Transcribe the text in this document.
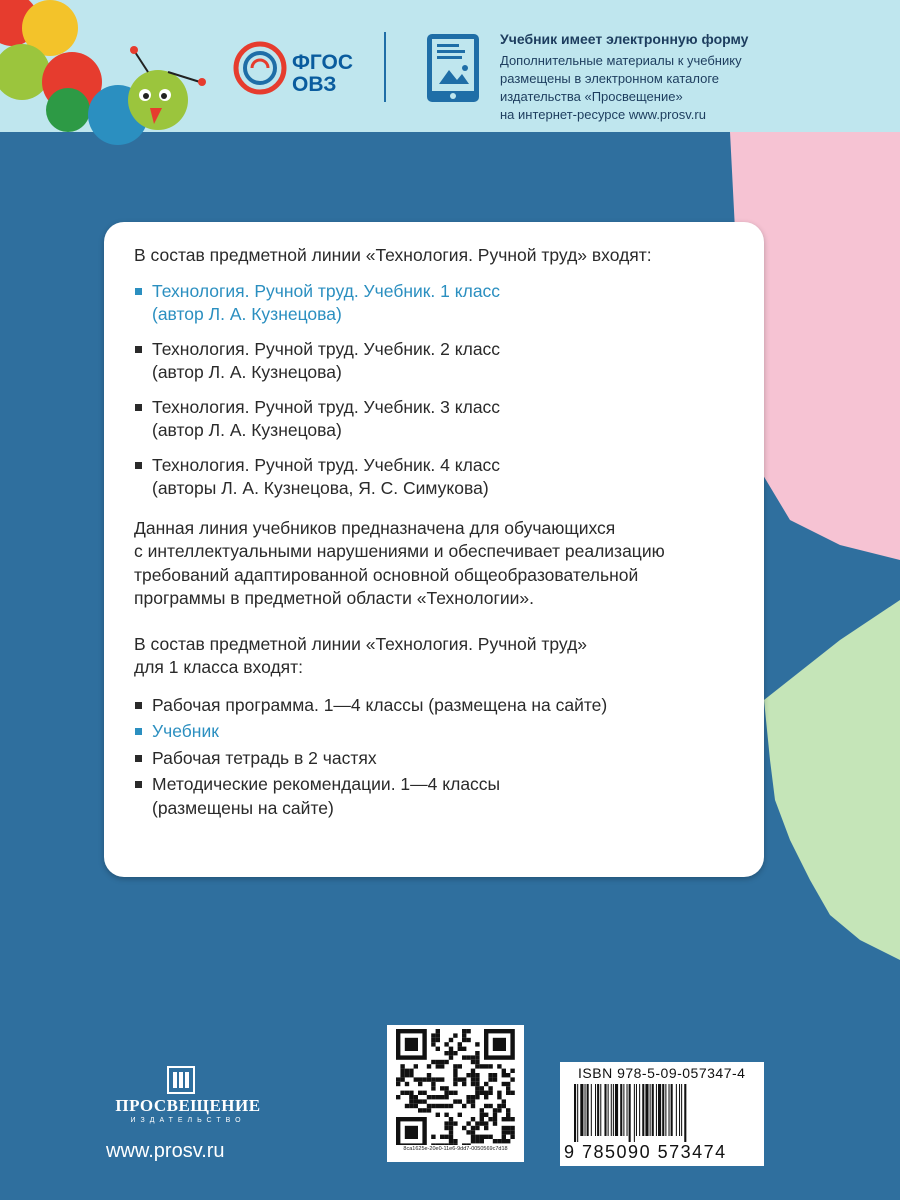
ФГОС
ОВЗ
Учебник имеет электронную форму
Дополнительные материалы к учебнику
размещены в электронном каталоге
издательства «Просвещение»
на интернет-ресурсе www.prosv.ru

В состав предметной линии «Технология. Ручной труд» входят:

Технология. Ручной труд. Учебник. 1 класс
(автор Л. А. Кузнецова)
Технология. Ручной труд. Учебник. 2 класс
(автор Л. А. Кузнецова)
Технология. Ручной труд. Учебник. 3 класс
(автор Л. А. Кузнецова)
Технология. Ручной труд. Учебник. 4 класс
(авторы Л. А. Кузнецова, Я. С. Симукова)

Данная линия учебников предназначена для обучающихся
с интеллектуальными нарушениями и обеспечивает реализацию
требований адаптированной основной общеобразовательной
программы в предметной области «Технологии».

В состав предметной линии «Технология. Ручной труд»
для 1 класса входят:

Рабочая программа. 1—4 классы (размещена на сайте)
Учебник
Рабочая тетрадь в 2 частях
Методические рекомендации. 1—4 классы
(размещены на сайте)
ПРОСВЕЩЕНИЕ
ИЗДАТЕЛЬСТВО
www.prosv.ru	8ca1625e-20e0-11e6-9dd7-0050569c7d18
ISBN 978-5-09-057347-4
9 785090 573474
